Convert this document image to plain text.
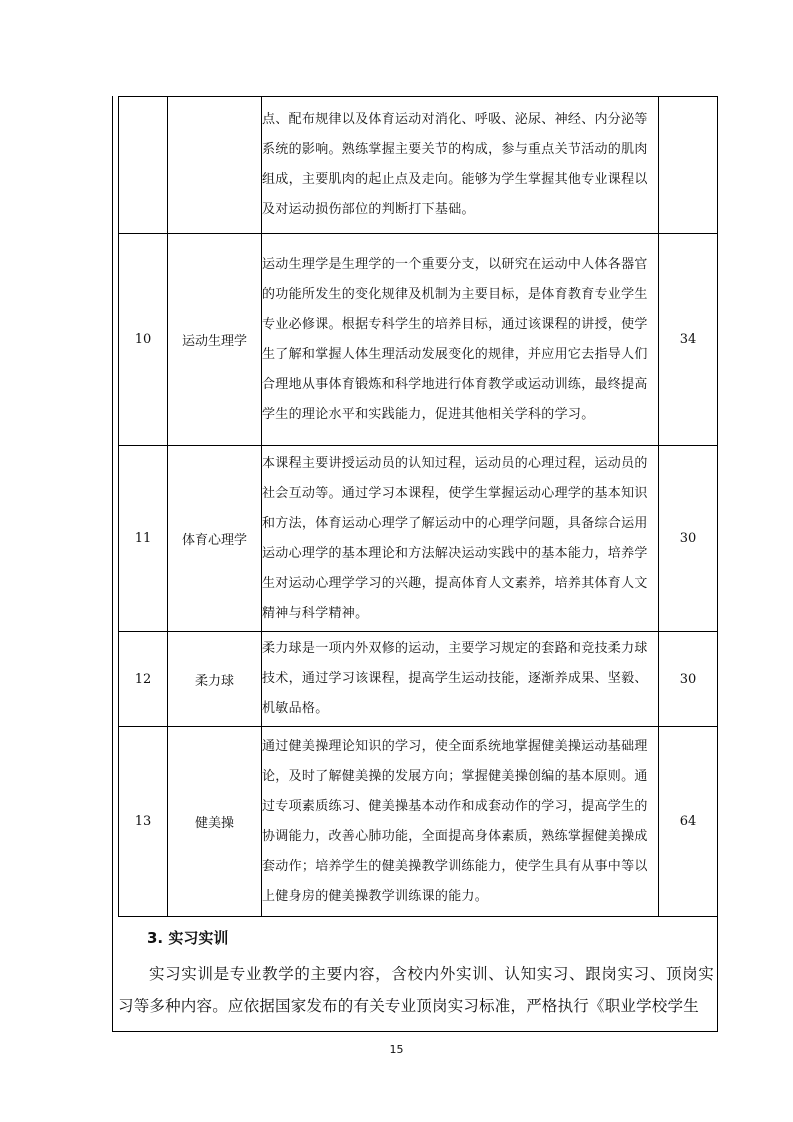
		点、配布规律以及体育运动对消化、呼吸、泌尿、神经、内分泌等系统的影响。熟练掌握主要关节的构成，参与重点关节活动的肌肉组成，主要肌肉的起止点及走向。能够为学生掌握其他专业课程以及对运动损伤部位的判断打下基础。	

10	运动生理学	运动生理学是生理学的一个重要分支，以研究在运动中人体各器官的功能所发生的变化规律及机制为主要目标，是体育教育专业学生专业必修课。根据专科学生的培养目标，通过该课程的讲授，使学生了解和掌握人体生理活动发展变化的规律，并应用它去指导人们合理地从事体育锻炼和科学地进行体育教学或运动训练，最终提高学生的理论水平和实践能力，促进其他相关学科的学习。	34
11	体育心理学	本课程主要讲授运动员的认知过程，运动员的心理过程，运动员的社会互动等。通过学习本课程，使学生掌握运动心理学的基本知识和方法，体育运动心理学了解运动中的心理学问题，具备综合运用运动心理学的基本理论和方法解决运动实践中的基本能力，培养学生对运动心理学学习的兴趣，提高体育人文素养，培养其体育人文精神与科学精神。	30
12	柔力球	柔力球是一项内外双修的运动，主要学习规定的套路和竞技柔力球技术，通过学习该课程，提高学生运动技能，逐渐养成果、坚毅、机敏品格。	30
13	健美操	通过健美操理论知识的学习，使全面系统地掌握健美操运动基础理论，及时了解健美操的发展方向；掌握健美操创编的基本原则。通过专项素质练习、健美操基本动作和成套动作的学习，提高学生的协调能力，改善心肺功能，全面提高身体素质，熟练掌握健美操成套动作；培养学生的健美操教学训练能力，使学生具有从事中等以上健身房的健美操教学训练课的能力。	64
3. 实习实训

实习实训是专业教学的主要内容，含校内外实训、认知实习、跟岗实习、顶岗实习等多种内容。应依据国家发布的有关专业顶岗实习标准，严格执行《职业学校学生

15
